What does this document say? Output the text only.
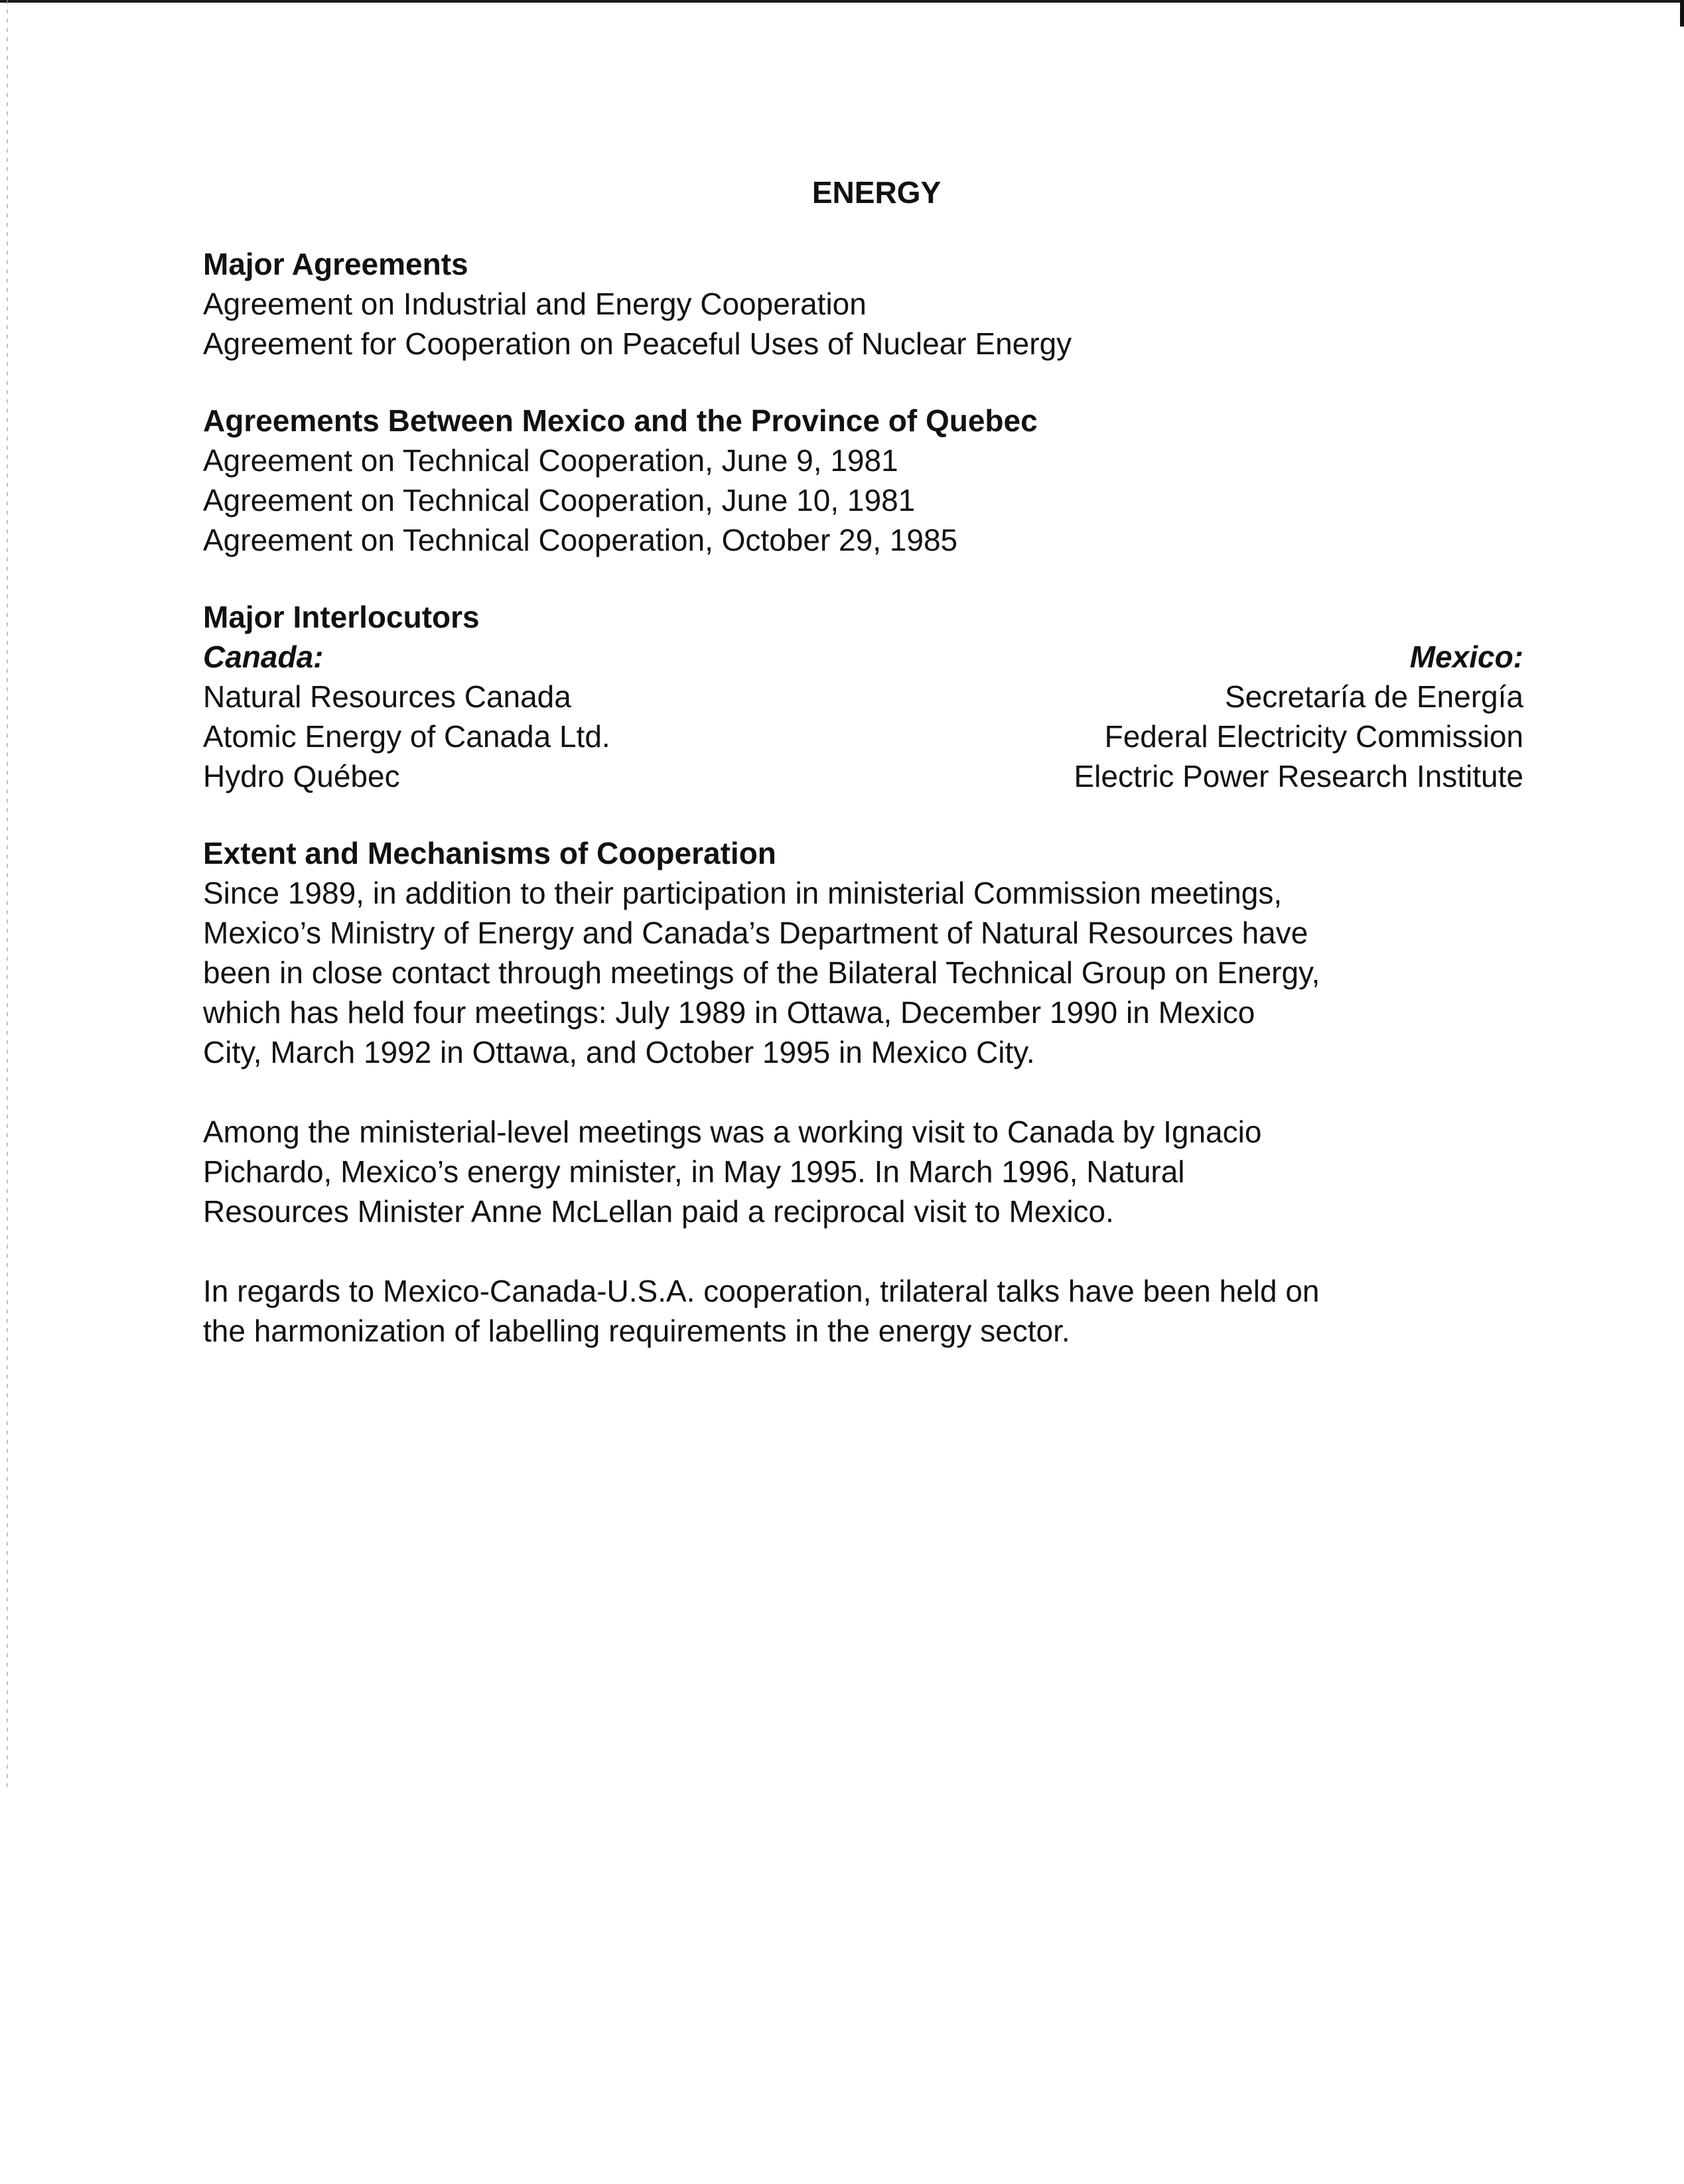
ENERGY
Major Agreements
Agreement on Industrial and Energy Cooperation
Agreement for Cooperation on Peaceful Uses of Nuclear Energy
Agreements Between Mexico and the Province of Quebec
Agreement on Technical Cooperation, June 9, 1981
Agreement on Technical Cooperation, June 10, 1981
Agreement on Technical Cooperation, October 29, 1985
Major Interlocutors
Canada:
Natural Resources Canada
Atomic Energy of Canada Ltd.
Hydro Québec
Mexico:
Secretaría de Energía
Federal Electricity Commission
Electric Power Research Institute
Extent and Mechanisms of Cooperation
Since 1989, in addition to their participation in ministerial Commission meetings,
Mexico’s Ministry of Energy and Canada’s Department of Natural Resources have
been in close contact through meetings of the Bilateral Technical Group on Energy,
which has held four meetings: July 1989 in Ottawa, December 1990 in Mexico
City, March 1992 in Ottawa, and October 1995 in Mexico City.
Among the ministerial-level meetings was a working visit to Canada by Ignacio
Pichardo, Mexico’s energy minister, in May 1995. In March 1996, Natural
Resources Minister Anne McLellan paid a reciprocal visit to Mexico.
In regards to Mexico-Canada-U.S.A. cooperation, trilateral talks have been held on
the harmonization of labelling requirements in the energy sector.
